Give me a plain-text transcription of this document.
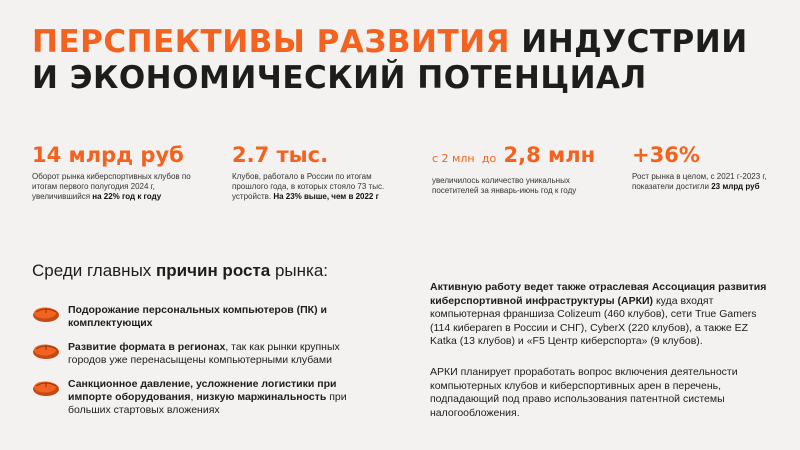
ПЕРСПЕКТИВЫ РАЗВИТИЯ ИНДУСТРИИ
И ЭКОНОМИЧЕСКИЙ ПОТЕНЦИАЛ
14 млрд руб
Оборот рынка киберспортивных клубов по итогам первого полугодия 2024 г, увеличившийся на 22% год к году
2.7 тыс.
Клубов, работало в России по итогам прошлого года, в которых стояло 73 тыс. устройств. На 23% выше, чем в 2022 г
с 2 млн до 2,8 млн
увеличилось количество уникальных посетителей за январь-июнь год к году
+36%
Рост рынка в целом, с 2021 г-2023 г, показатели достигли 23 млрд руб
Среди главных причин роста рынка:
Подорожание персональных компьютеров (ПК) и комплектующих
Развитие формата в регионах, так как рынки крупных городов уже перенасыщены компьютерными клубами
Санкционное давление, усложнение логистики при импорте оборудования, низкую маржинальность при больших стартовых вложениях
Активную работу ведет также отраслевая Ассоциация развития киберспортивной инфраструктуры (АРКИ) куда входят компьютерная франшиза Colizeum (460 клубов), сети True Gamers (114 кибераren в России и СНГ), CyberX (220 клубов), а также EZ Katka (13 клубов) и «F5 Центр киберспорта» (9 клубов).
АРКИ планирует проработать вопрос включения деятельности компьютерных клубов и киберспортивных арен в перечень, подпадающий под право использования патентной системы налогообложения.
